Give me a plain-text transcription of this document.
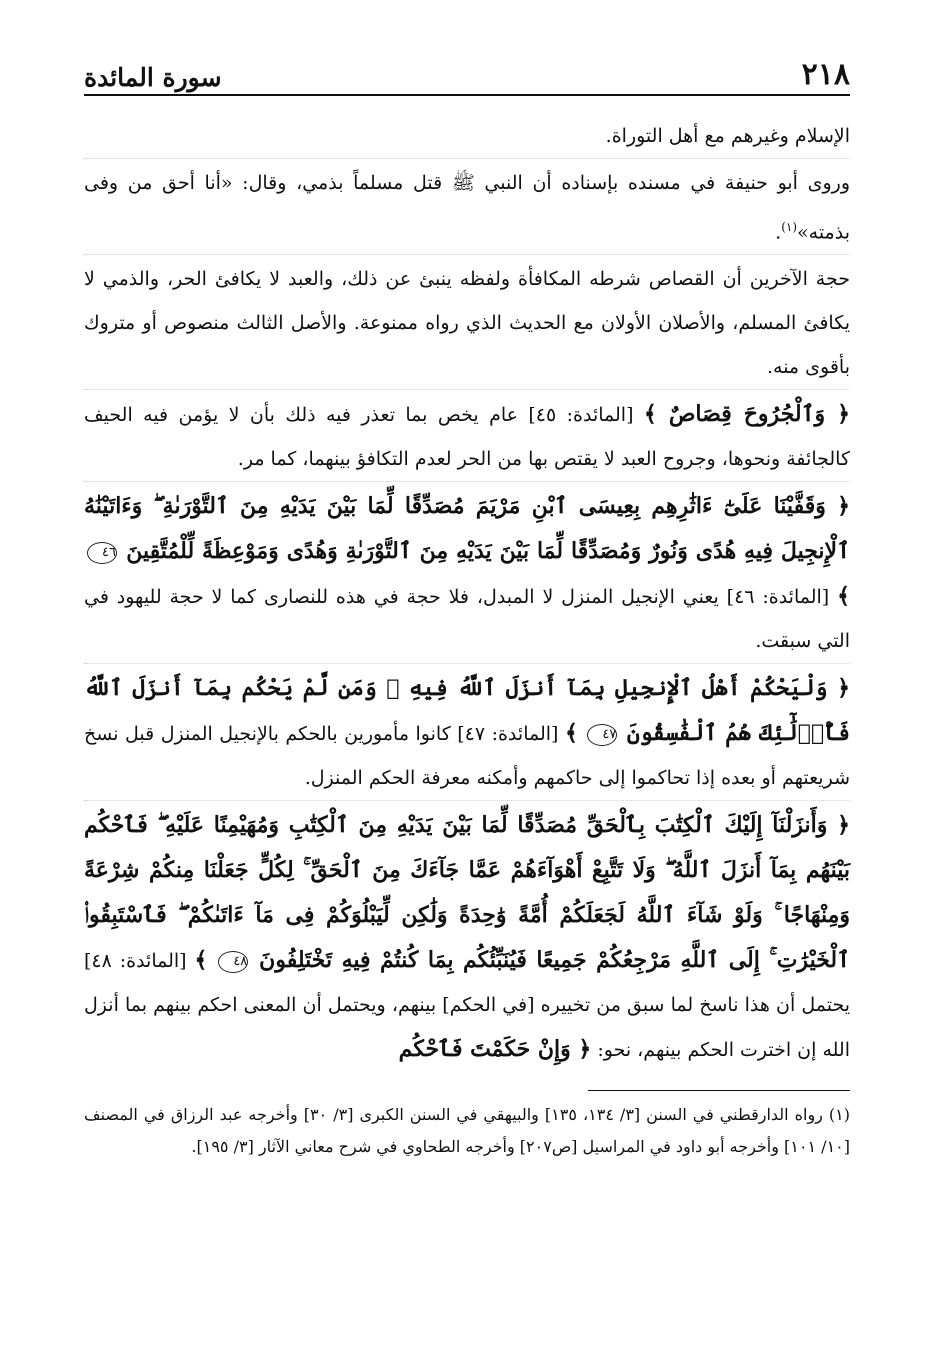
٢١٨
سورة المائدة

الإسلام وغيرهم مع أهل التوراة.

وروى أبو حنيفة في مسنده بإسناده أن النبي ﷺ قتل مسلماً بذمي، وقال: «أنا أحق من وفى بذمته»$^{(١)}$.

حجة الآخرين أن القصاص شرطه المكافأة ولفظه ينبئ عن ذلك، والعبد لا يكافئ الحر، والذمي لا يكافئ المسلم، والأصلان الأولان مع الحديث الذي رواه ممنوعة. والأصل الثالث منصوص أو متروك بأقوى منه.

﴿ وَٱلْجُرُوحَ قِصَاصٌ ﴾ [المائدة: ٤٥] عام يخص بما تعذر فيه ذلك بأن لا يؤمن فيه الحيف كالجائفة ونحوها، وجروح العبد لا يقتص بها من الحر لعدم التكافؤ بينهما، كما مر.

﴿ وَقَفَّيْنَا عَلَىٰٓ ءَاثَٰرِهِم بِعِيسَى ٱبْنِ مَرْيَمَ مُصَدِّقًا لِّمَا بَيْنَ يَدَيْهِ مِنَ ٱلتَّوْرَىٰةِ ۖ وَءَاتَيْنَٰهُ ٱلْإِنجِيلَ فِيهِ هُدًى وَنُورٌ وَمُصَدِّقًا لِّمَا بَيْنَ يَدَيْهِ مِنَ ٱلتَّوْرَىٰةِ وَهُدًى وَمَوْعِظَةً لِّلْمُتَّقِينَ ٤٦ ﴾ [المائدة: ٤٦] يعني الإنجيل المنزل لا المبدل، فلا حجة في هذه للنصارى كما لا حجة لليهود في التي سبقت.

﴿ وَلْيَحْكُمْ أَهْلُ ٱلْإِنجِيلِ بِمَآ أَنزَلَ ٱللَّهُ فِيهِ ۚ وَمَن لَّمْ يَحْكُم بِمَآ أَنزَلَ ٱللَّهُ فَأُو۟لَٰٓئِكَ هُمُ ٱلْفَٰسِقُونَ ٤٧ ﴾ [المائدة: ٤٧] كانوا مأمورين بالحكم بالإنجيل المنزل قبل نسخ شريعتهم أو بعده إذا تحاكموا إلى حاكمهم وأمكنه معرفة الحكم المنزل.

﴿ وَأَنزَلْنَآ إِلَيْكَ ٱلْكِتَٰبَ بِٱلْحَقِّ مُصَدِّقًا لِّمَا بَيْنَ يَدَيْهِ مِنَ ٱلْكِتَٰبِ وَمُهَيْمِنًا عَلَيْهِ ۖ فَٱحْكُم بَيْنَهُم بِمَآ أَنزَلَ ٱللَّهُ ۖ وَلَا تَتَّبِعْ أَهْوَآءَهُمْ عَمَّا جَآءَكَ مِنَ ٱلْحَقِّ ۚ لِكُلٍّ جَعَلْنَا مِنكُمْ شِرْعَةً وَمِنْهَاجًا ۚ وَلَوْ شَآءَ ٱللَّهُ لَجَعَلَكُمْ أُمَّةً وَٰحِدَةً وَلَٰكِن لِّيَبْلُوَكُمْ فِى مَآ ءَاتَىٰكُمْ ۖ فَٱسْتَبِقُوا۟ ٱلْخَيْرَٰتِ ۚ إِلَى ٱللَّهِ مَرْجِعُكُمْ جَمِيعًا فَيُنَبِّئُكُم بِمَا كُنتُمْ فِيهِ تَخْتَلِفُونَ ٤٨ ﴾ [المائدة: ٤٨] يحتمل أن هذا ناسخ لما سبق من تخييره [في الحكم] بينهم، ويحتمل أن المعنى احكم بينهم بما أنزل الله إن اخترت الحكم بينهم، نحو: ﴿ وَإِنْ حَكَمْتَ فَٱحْكُم

(١) رواه الدارقطني في السنن [٣/ ١٣٤، ١٣٥] والبيهقي في السنن الكبرى [٣/ ٣٠] وأخرجه عبد الرزاق في المصنف [١٠/ ١٠١] وأخرجه أبو داود في المراسيل [ص٢٠٧] وأخرجه الطحاوي في شرح معاني الآثار [٣/ ١٩٥].
